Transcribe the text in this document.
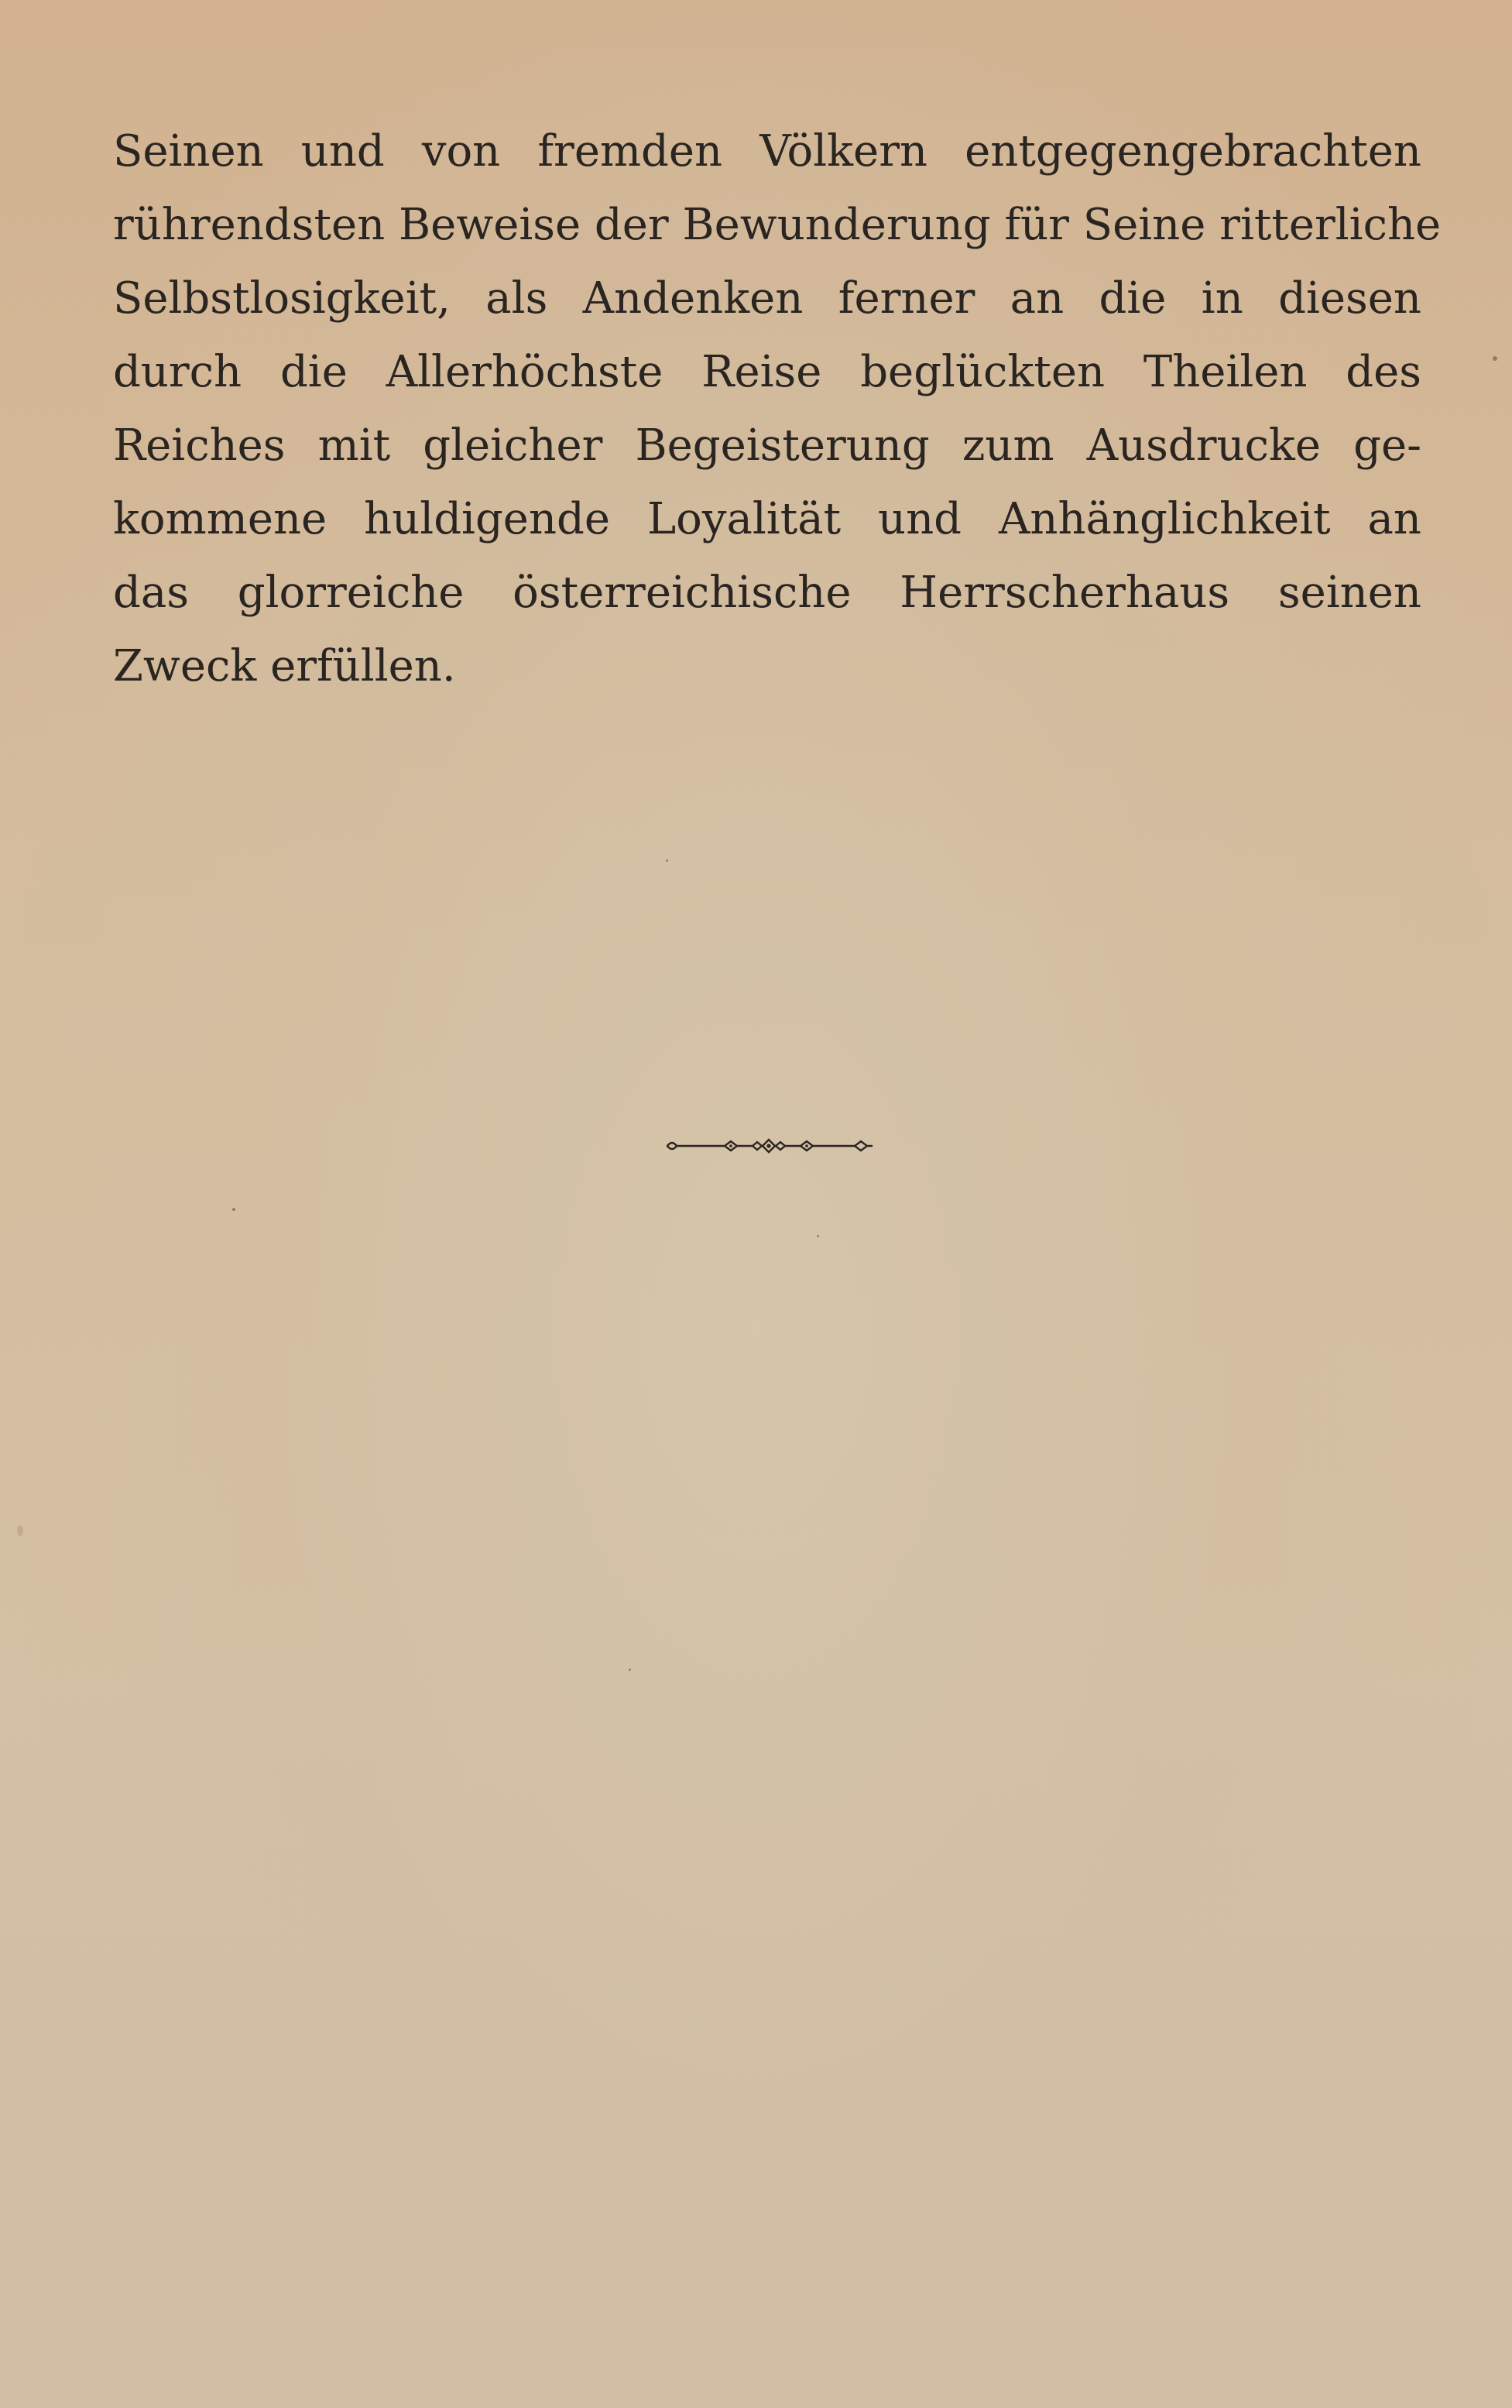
Seinen und von fremden Völkern entgegengebrachten
rührendsten Beweise der Bewunderung für Seine ritterliche
Selbstlosigkeit, als Andenken ferner an die in diesen
durch die Allerhöchste Reise beglückten Theilen des
Reiches mit gleicher Begeisterung zum Ausdrucke ge-
kommene huldigende Loyalität und Anhänglichkeit an
das glorreiche österreichische Herrscherhaus seinen
Zweck erfüllen.
